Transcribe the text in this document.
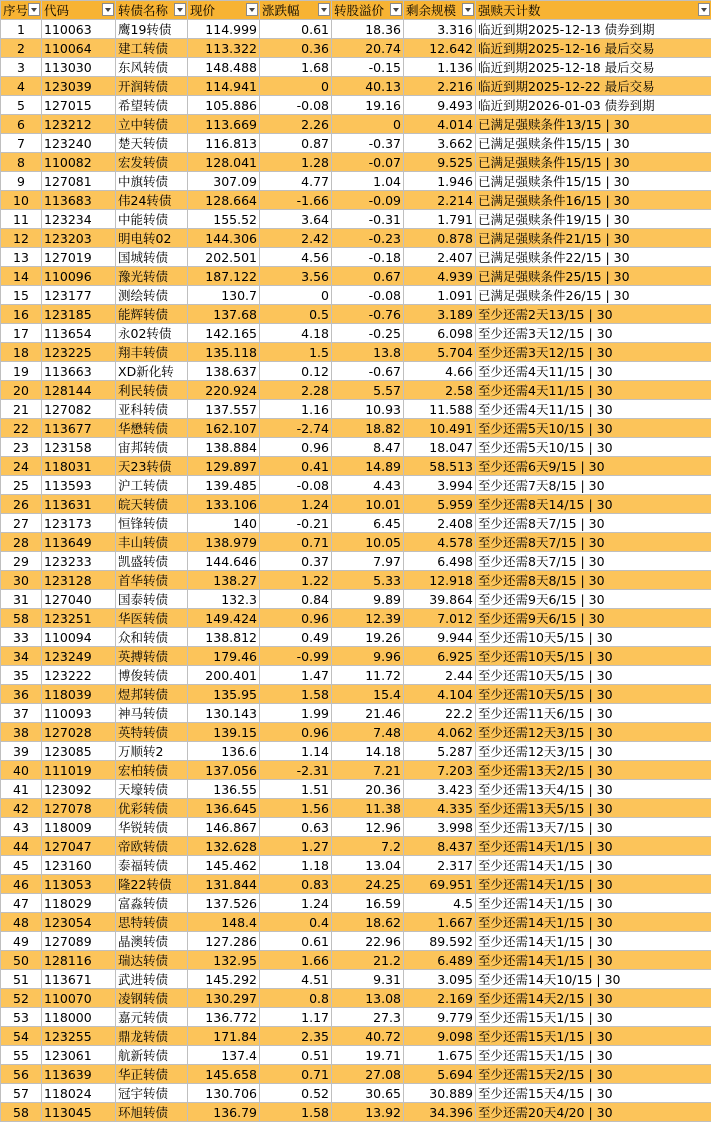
序号	代码	转债名称	现价	涨跌幅	转股溢价	剩余规模	强赎天计数

1	110063	鹰19转债	114.999	0.61	18.36	3.316	临近到期2025-12-13 债券到期
2	110064	建工转债	113.322	0.36	20.74	12.642	临近到期2025-12-16 最后交易
3	113030	东风转债	148.488	1.68	-0.15	1.136	临近到期2025-12-18 最后交易
4	123039	开润转债	114.941	0	40.13	2.216	临近到期2025-12-22 最后交易
5	127015	希望转债	105.886	-0.08	19.16	9.493	临近到期2026-01-03 债券到期
6	123212	立中转债	113.669	2.26	0	4.014	已满足强赎条件13/15 | 30
7	123240	楚天转债	116.813	0.87	-0.37	3.662	已满足强赎条件15/15 | 30
8	110082	宏发转债	128.041	1.28	-0.07	9.525	已满足强赎条件15/15 | 30
9	127081	中旗转债	307.09	4.77	1.04	1.946	已满足强赎条件15/15 | 30
10	113683	伟24转债	128.664	-1.66	-0.09	2.214	已满足强赎条件16/15 | 30
11	123234	中能转债	155.52	3.64	-0.31	1.791	已满足强赎条件19/15 | 30
12	123203	明电转02	144.306	2.42	-0.23	0.878	已满足强赎条件21/15 | 30
13	127019	国城转债	202.501	4.56	-0.18	2.407	已满足强赎条件22/15 | 30
14	110096	豫光转债	187.122	3.56	0.67	4.939	已满足强赎条件25/15 | 30
15	123177	测绘转债	130.7	0	-0.08	1.091	已满足强赎条件26/15 | 30
16	123185	能辉转债	137.68	0.5	-0.76	3.189	至少还需2天13/15 | 30
17	113654	永02转债	142.165	4.18	-0.25	6.098	至少还需3天12/15 | 30
18	123225	翔丰转债	135.118	1.5	13.8	5.704	至少还需3天12/15 | 30
19	113663	XD新化转	138.637	0.12	-0.67	4.66	至少还需4天11/15 | 30
20	128144	利民转债	220.924	2.28	5.57	2.58	至少还需4天11/15 | 30
21	127082	亚科转债	137.557	1.16	10.93	11.588	至少还需4天11/15 | 30
22	113677	华懋转债	162.107	-2.74	18.82	10.491	至少还需5天10/15 | 30
23	123158	宙邦转债	138.884	0.96	8.47	18.047	至少还需5天10/15 | 30
24	118031	天23转债	129.897	0.41	14.89	58.513	至少还需6天9/15 | 30
25	113593	沪工转债	139.485	-0.08	4.43	3.994	至少还需7天8/15 | 30
26	113631	皖天转债	133.106	1.24	10.01	5.959	至少还需8天14/15 | 30
27	123173	恒锋转债	140	-0.21	6.45	2.408	至少还需8天7/15 | 30
28	113649	丰山转债	138.979	0.71	10.05	4.578	至少还需8天7/15 | 30
29	123233	凯盛转债	144.646	0.37	7.97	6.498	至少还需8天7/15 | 30
30	123128	首华转债	138.27	1.22	5.33	12.918	至少还需8天8/15 | 30
31	127040	国泰转债	132.3	0.84	9.89	39.864	至少还需9天6/15 | 30
58	123251	华医转债	149.424	0.96	12.39	7.012	至少还需9天6/15 | 30
33	110094	众和转债	138.812	0.49	19.26	9.944	至少还需10天5/15 | 30
34	123249	英搏转债	179.46	-0.99	9.96	6.925	至少还需10天5/15 | 30
35	123222	博俊转债	200.401	1.47	11.72	2.44	至少还需10天5/15 | 30
36	118039	煜邦转债	135.95	1.58	15.4	4.104	至少还需10天5/15 | 30
37	110093	神马转债	130.143	1.99	21.46	22.2	至少还需11天6/15 | 30
38	127028	英特转债	139.15	0.96	7.48	4.062	至少还需12天3/15 | 30
39	123085	万顺转2	136.6	1.14	14.18	5.287	至少还需12天3/15 | 30
40	111019	宏柏转债	137.056	-2.31	7.21	7.203	至少还需13天2/15 | 30
41	123092	天壕转债	136.55	1.51	20.36	3.423	至少还需13天4/15 | 30
42	127078	优彩转债	136.645	1.56	11.38	4.335	至少还需13天5/15 | 30
43	118009	华锐转债	146.867	0.63	12.96	3.998	至少还需13天7/15 | 30
44	127047	帝欧转债	132.628	1.27	7.2	8.437	至少还需14天1/15 | 30
45	123160	泰福转债	145.462	1.18	13.04	2.317	至少还需14天1/15 | 30
46	113053	隆22转债	131.844	0.83	24.25	69.951	至少还需14天1/15 | 30
47	118029	富淼转债	137.526	1.24	16.59	4.5	至少还需14天1/15 | 30
48	123054	思特转债	148.4	0.4	18.62	1.667	至少还需14天1/15 | 30
49	127089	晶澳转债	127.286	0.61	22.96	89.592	至少还需14天1/15 | 30
50	128116	瑞达转债	132.95	1.66	21.2	6.489	至少还需14天1/15 | 30
51	113671	武进转债	145.292	4.51	9.31	3.095	至少还需14天10/15 | 30
52	110070	凌钢转债	130.297	0.8	13.08	2.169	至少还需14天2/15 | 30
53	118000	嘉元转债	136.772	1.17	27.3	9.779	至少还需15天1/15 | 30
54	123255	鼎龙转债	171.84	2.35	40.72	9.098	至少还需15天1/15 | 30
55	123061	航新转债	137.4	0.51	19.71	1.675	至少还需15天1/15 | 30
56	113639	华正转债	145.658	0.71	27.08	5.694	至少还需15天2/15 | 30
57	118024	冠宇转债	130.706	0.52	30.65	30.889	至少还需15天4/15 | 30
58	113045	环旭转债	136.79	1.58	13.92	34.396	至少还需20天4/20 | 30
